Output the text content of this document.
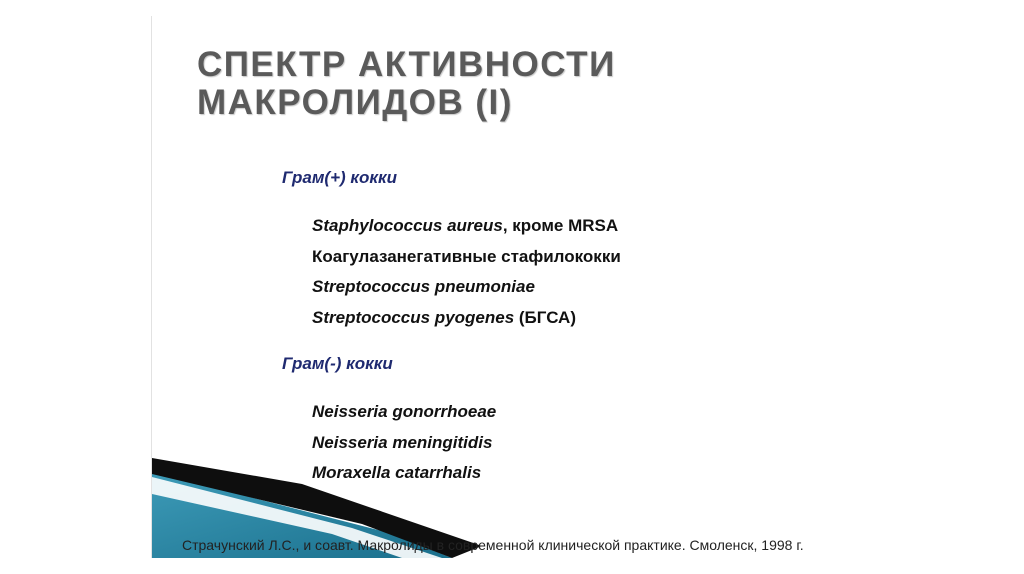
СПЕКТР АКТИВНОСТИ
МАКРОЛИДОВ (I)
Грам(+) кокки
Staphylococcus aureus, кроме MRSA
Коагулазанегативные стафилококки
Streptococcus pneumoniae
Streptococcus pyogenes (БГСА)
Грам(-) кокки
Neisseria gonorrhoeae
Neisseria meningitidis
Moraxella catarrhalis
Страчунский Л.С., и соавт. Макролиды в современной клинической практике. Смоленск, 1998 г.
